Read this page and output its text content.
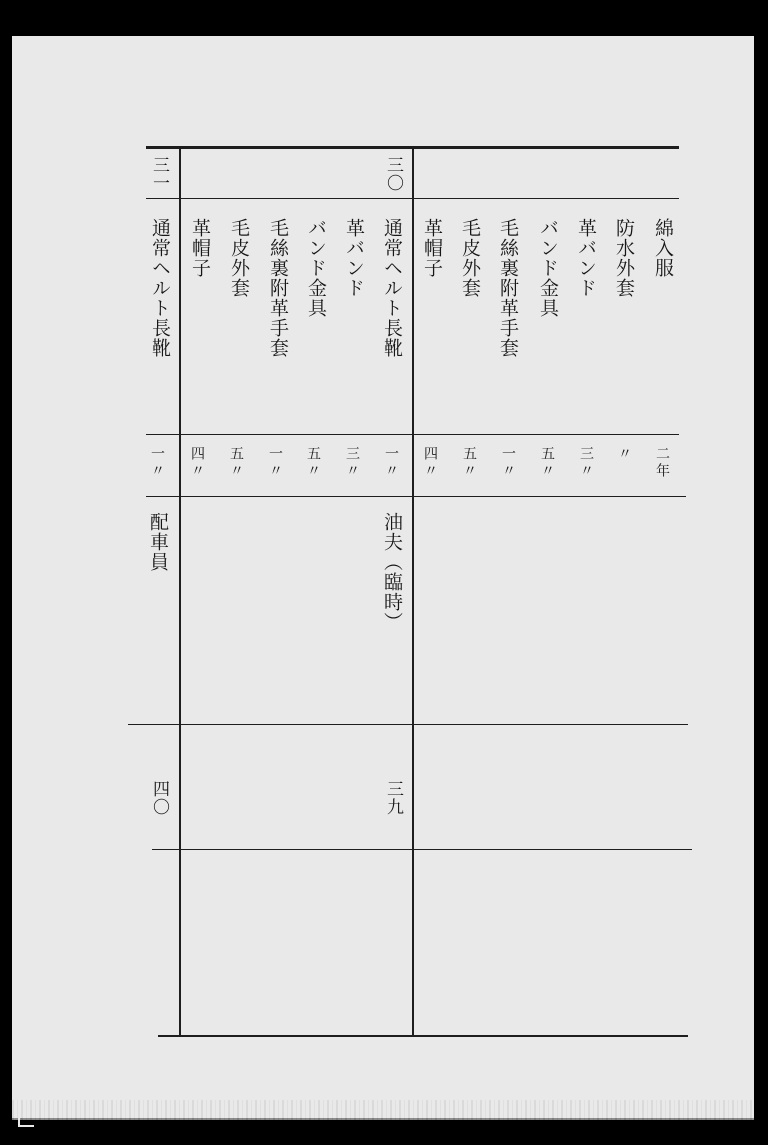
三〇
三一
綿入服
防水外套
革バンド
バンド金具
毛絲裏附革手套
毛皮外套
革帽子
通常ヘルト長靴
革バンド
バンド金具
毛絲裏附革手套
毛皮外套
革帽子
通常ヘルト長靴
二年
〃
三〃
五〃
一〃
五〃
四〃
一〃
三〃
五〃
一〃
五〃
四〃
一〃
油夫（臨時）
配車員
三九
四〇
